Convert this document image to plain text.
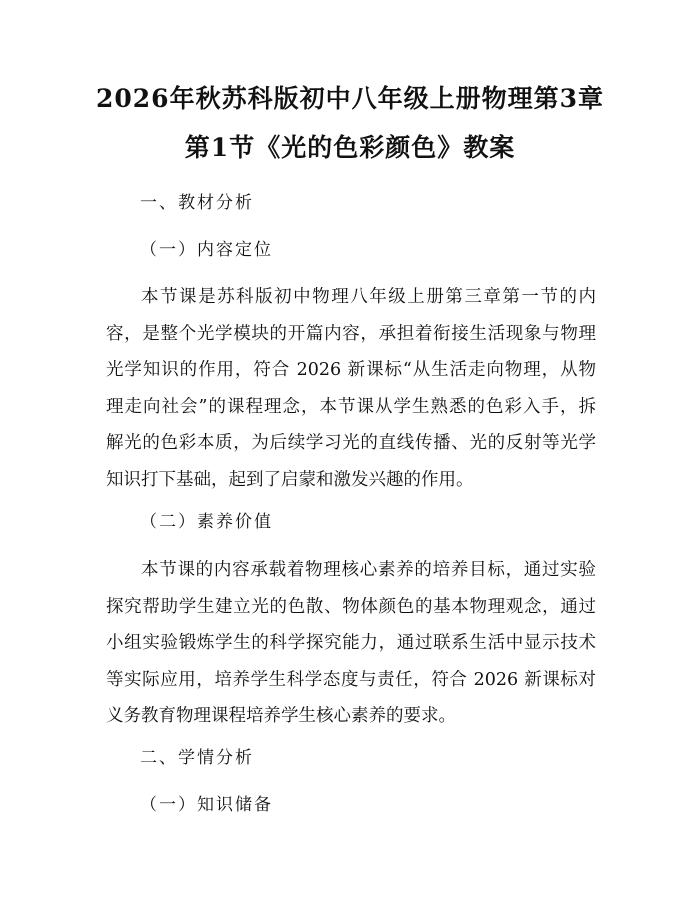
2026年秋苏科版初中八年级上册物理第3章
第1节《光的色彩颜色》教案
一、教材分析
（一）内容定位
本节课是苏科版初中物理八年级上册第三章第一节的内
容，是整个光学模块的开篇内容，承担着衔接生活现象与物理
光学知识的作用，符合 2026 新课标“从生活走向物理，从物
理走向社会”的课程理念，本节课从学生熟悉的色彩入手，拆
解光的色彩本质，为后续学习光的直线传播、光的反射等光学
知识打下基础，起到了启蒙和激发兴趣的作用。
（二）素养价值
本节课的内容承载着物理核心素养的培养目标，通过实验
探究帮助学生建立光的色散、物体颜色的基本物理观念，通过
小组实验锻炼学生的科学探究能力，通过联系生活中显示技术
等实际应用，培养学生科学态度与责任，符合 2026 新课标对
义务教育物理课程培养学生核心素养的要求。
二、学情分析
（一）知识储备
